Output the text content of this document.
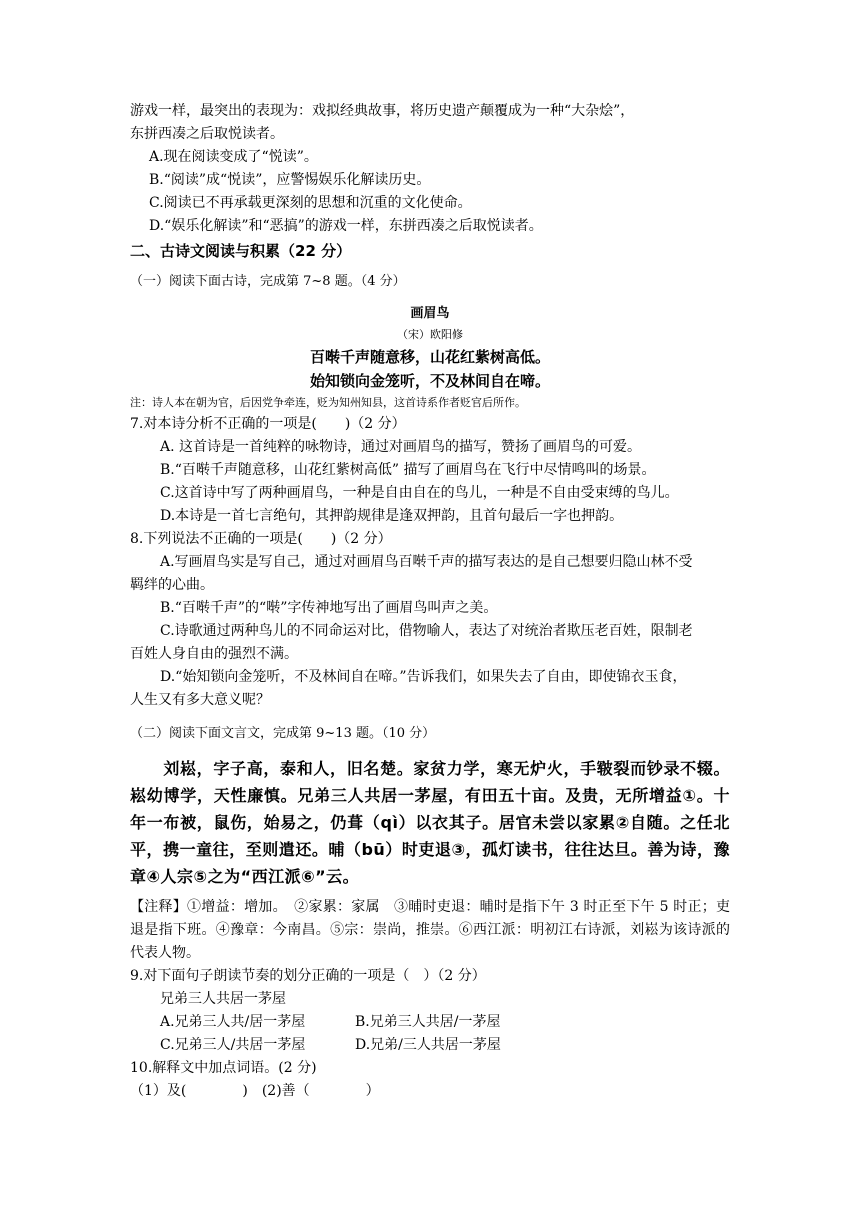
游戏一样，最突出的表现为：戏拟经典故事，将历史遗产颠覆成为一种“大杂烩”，
东拼西凑之后取悦读者。
A.现在阅读变成了“悦读”。
B.“阅读”成“悦读”，应警惕娱乐化解读历史。
C.阅读已不再承载更深刻的思想和沉重的文化使命。
D.“娱乐化解读”和“恶搞”的游戏一样，东拼西凑之后取悦读者。
二、古诗文阅读与积累（22 分）
（一）阅读下面古诗，完成第 7~8 题。（4 分）
画眉鸟
（宋）欧阳修
百啭千声随意移，山花红紫树高低。
始知锁向金笼听，不及林间自在啼。
注：诗人本在朝为官，后因党争牵连，贬为知州知县，这首诗系作者贬官后所作。
7.对本诗分析不正确的一项是(　　)（2 分）
A. 这首诗是一首纯粹的咏物诗，通过对画眉鸟的描写，赞扬了画眉鸟的可爱。
B.“百啭千声随意移，山花红紫树高低” 描写了画眉鸟在飞行中尽情鸣叫的场景。
C.这首诗中写了两种画眉鸟，一种是自由自在的鸟儿，一种是不自由受束缚的鸟儿。
D.本诗是一首七言绝句，其押韵规律是逢双押韵，且首句最后一字也押韵。
8.下列说法不正确的一项是(　　)（2 分）
A.写画眉鸟实是写自己，通过对画眉鸟百啭千声的描写表达的是自己想要归隐山林不受
羁绊的心曲。
B.“百啭千声”的“啭”字传神地写出了画眉鸟叫声之美。
C.诗歌通过两种鸟儿的不同命运对比，借物喻人，表达了对统治者欺压老百姓，限制老
百姓人身自由的强烈不满。
D.“始知锁向金笼听，不及林间自在啼。”告诉我们，如果失去了自由，即使锦衣玉食，
人生又有多大意义呢？
（二）阅读下面文言文，完成第 9~13 题。（10 分）
　　刘崧，字子高，泰和人，旧名楚。家贫力学，寒无炉火，手皲裂而钞录不辍。崧幼博学，天性廉慎。兄弟三人共居一茅屋，有田五十亩。及贵，无所增益①。十年一布被，鼠伤，始易之，仍葺（qì）以衣其子。居官未尝以家累②自随。之任北平，携一童往，至则遣还。晡（bū）时吏退③，孤灯读书，往往达旦。善为诗，豫章④人宗⑤之为“西江派⑥”云。
【注释】①增益：增加。　②家累：家属　③晡时吏退：晡时是指下午 3 时正至下午 5 时正；吏退是指下班。④豫章：今南昌。⑤宗：崇尚，推崇。⑥西江派：明初江右诗派，刘崧为该诗派的代表人物。
9.对下面句子朗读节奏的划分正确的一项是（　）（2 分）
兄弟三人共居一茅屋
A.兄弟三人共/居一茅屋	B.兄弟三人共居/一茅屋
C.兄弟三人/共居一茅屋	D.兄弟/三人共居一茅屋
10.解释文中加点词语。(2 分)
（1）及(　　　　)　(2)善（　　　　）
